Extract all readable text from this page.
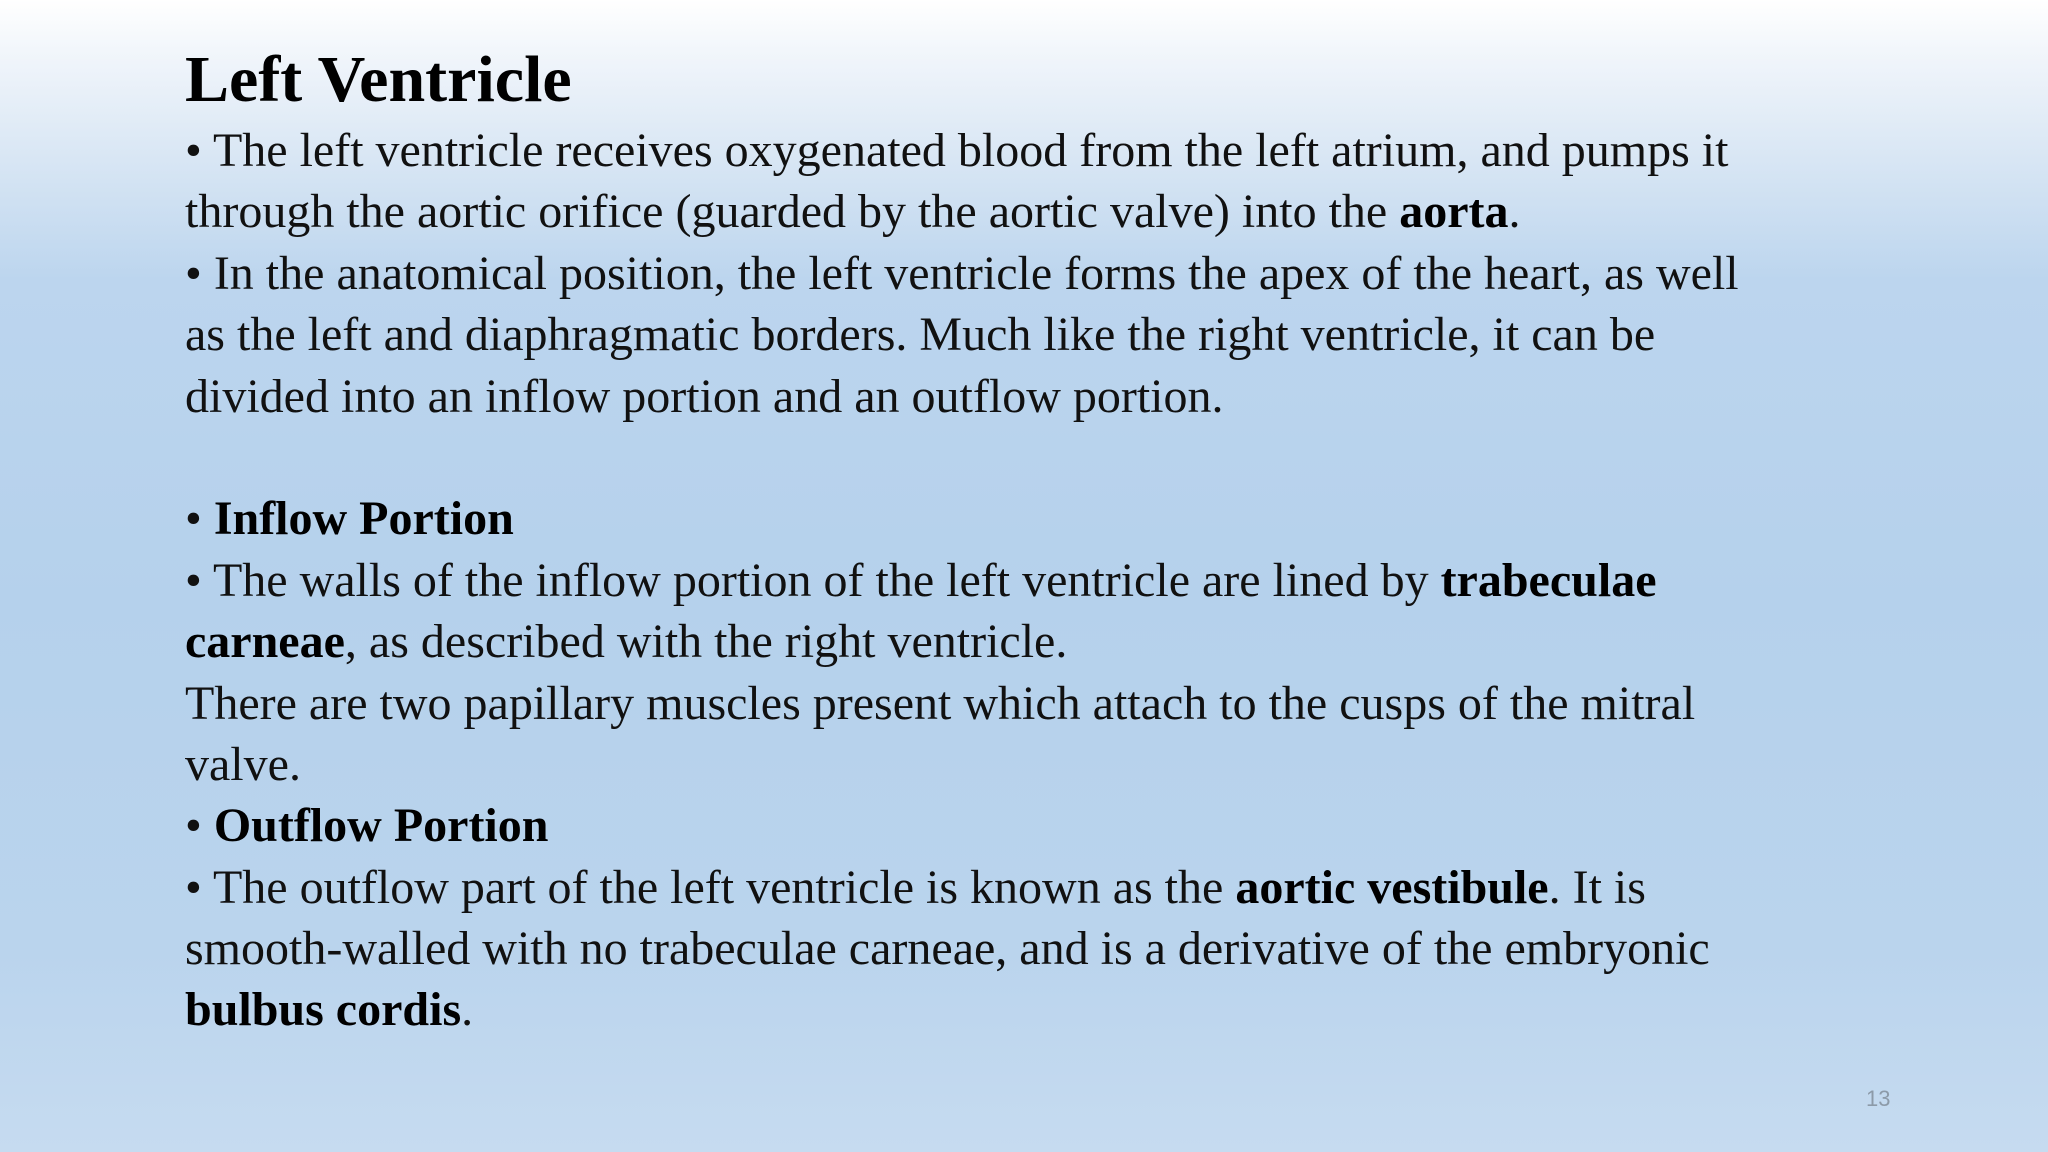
Left Ventricle
• The left ventricle receives oxygenated blood from the left atrium, and pumps it
through the aortic orifice (guarded by the aortic valve) into the aorta.
• In the anatomical position, the left ventricle forms the apex of the heart, as well
as the left and diaphragmatic borders. Much like the right ventricle, it can be
divided into an inflow portion and an outflow portion.
• Inflow Portion
• The walls of the inflow portion of the left ventricle are lined by trabeculae
carneae, as described with the right ventricle.
There are two papillary muscles present which attach to the cusps of the mitral
valve.
• Outflow Portion
• The outflow part of the left ventricle is known as the aortic vestibule. It is
smooth-walled with no trabeculae carneae, and is a derivative of the embryonic
bulbus cordis.
13
